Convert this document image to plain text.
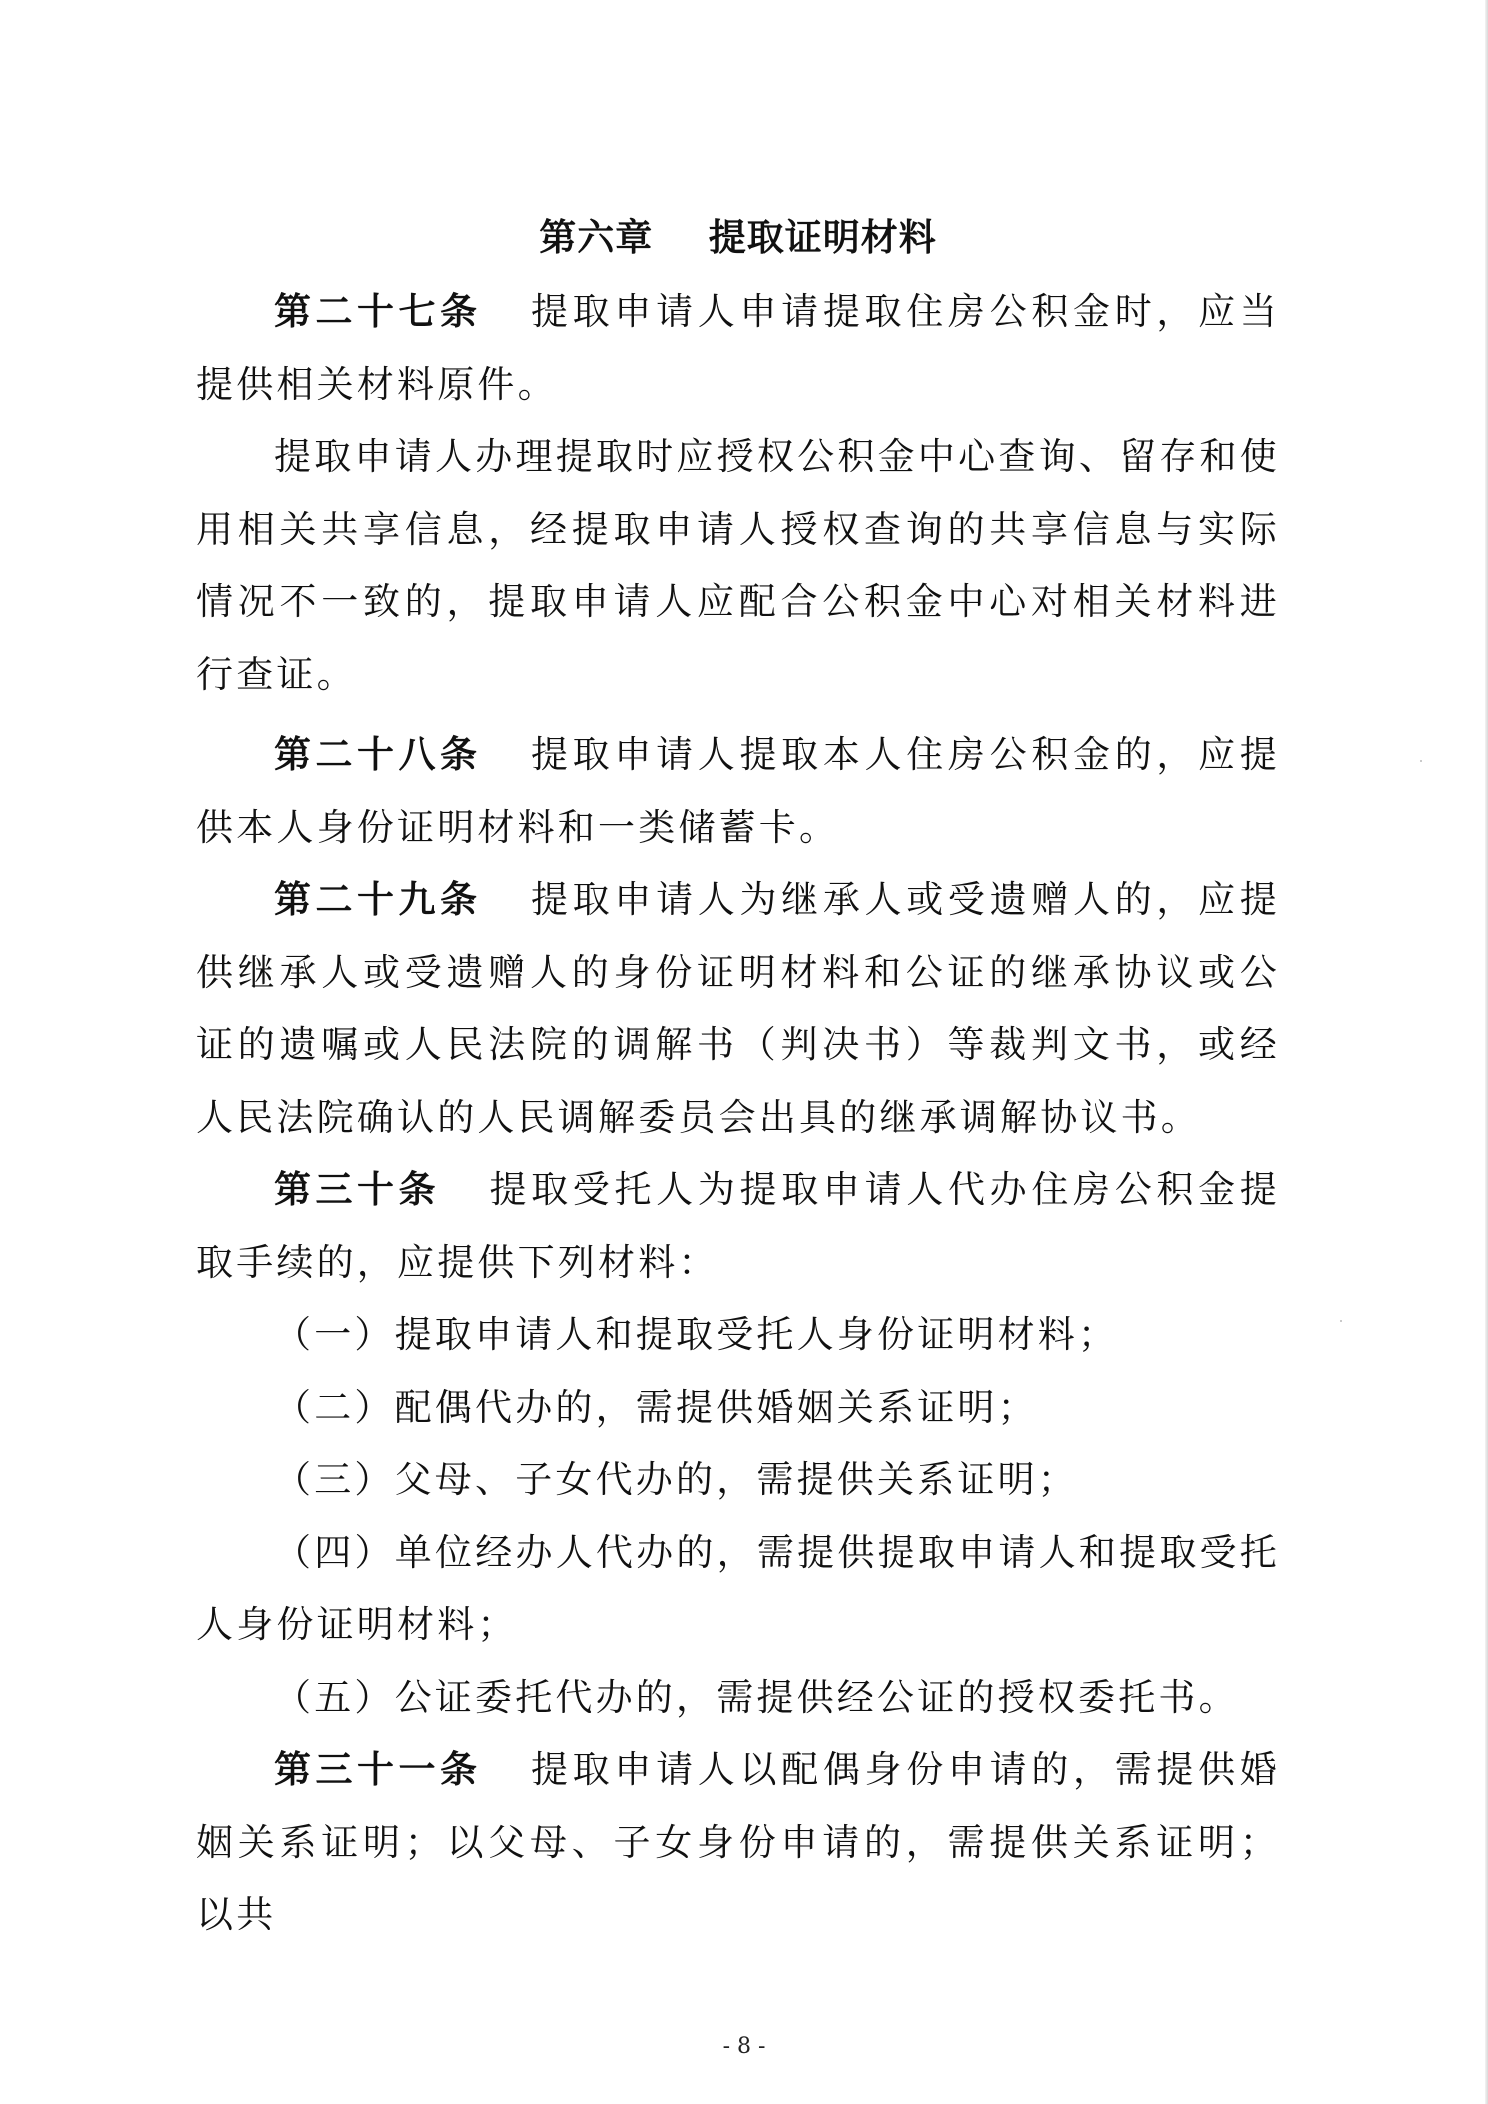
第六章    提取证明材料

第二十七条 提取申请人申请提取住房公积金时，应当提供相关材料原件。

提取申请人办理提取时应授权公积金中心查询、留存和使用相关共享信息，经提取申请人授权查询的共享信息与实际情况不一致的，提取申请人应配合公积金中心对相关材料进行查证。

第二十八条 提取申请人提取本人住房公积金的，应提供本人身份证明材料和一类储蓄卡。

第二十九条 提取申请人为继承人或受遗赠人的，应提供继承人或受遗赠人的身份证明材料和公证的继承协议或公证的遗嘱或人民法院的调解书（判决书）等裁判文书，或经人民法院确认的人民调解委员会出具的继承调解协议书。

第三十条 提取受托人为提取申请人代办住房公积金提取手续的，应提供下列材料：

（一）提取申请人和提取受托人身份证明材料；

（二）配偶代办的，需提供婚姻关系证明；

（三）父母、子女代办的，需提供关系证明；

（四）单位经办人代办的，需提供提取申请人和提取受托人身份证明材料；

（五）公证委托代办的，需提供经公证的授权委托书。

第三十一条 提取申请人以配偶身份申请的，需提供婚姻关系证明；以父母、子女身份申请的，需提供关系证明；以共

- 8 -
